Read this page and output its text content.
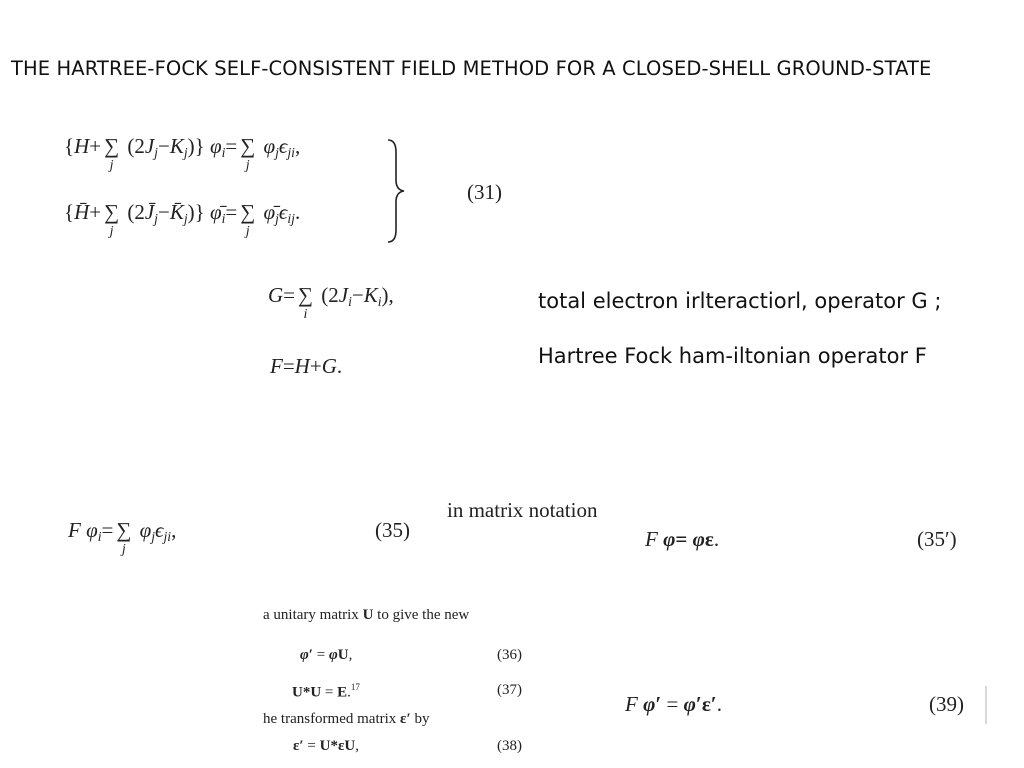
THE HARTREE-FOCK SELF-CONSISTENT FIELD METHOD FOR A CLOSED-SHELL GROUND-STATE
{H+ ∑
j
$(2J_j-K_j)$} $\varphi_i=$ ∑
j
$\varphi_j\epsilon_{ji}$,
{H̄+ ∑
j
$(2J̄_j-K̄_j)$} $\varphī_i=$ ∑
j
$\varphī_j\epsilon_{ij}$.
(31)
G= ∑
i
$(2J_i-K_i)$,
F=H+G.
total electron irlteractiorl, operator G ;
Hartree Fock ham-iltonian operator F
F $\varphi_i=$ ∑
j
$\varphi_j\epsilon_{ji}$,	(35)
in matrix notation
F φ= φε.	(35′)
a unitary matrix U to give the new
φ′ = φU,	(36)
U*U = E.$^{17}$	(37)
he transformed matrix ε′ by
ε′ = U*εU,	(38)
F φ′ = φ′ε′.	(39)
